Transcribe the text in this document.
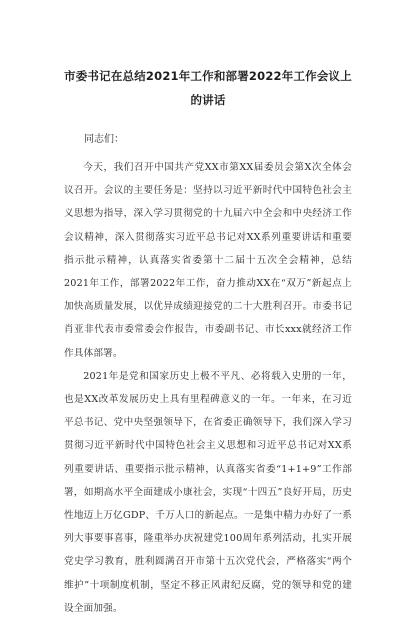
市委书记在总结2021年工作和部署2022年工作会议上的讲话

同志们：

今天，我们召开中国共产党XX市第XX届委员会第X次全体会议召开。会议的主要任务是：坚持以习近平新时代中国特色社会主义思想为指导，深入学习贯彻党的十九届六中全会和中央经济工作会议精神，深入贯彻落实习近平总书记对XX系列重要讲话和重要指示批示精神，认真落实省委第十二届十五次全会精神，总结2021年工作，部署2022年工作，奋力推动XX在“双万”新起点上加快高质量发展，以优异成绩迎接党的二十大胜利召开。市委书记肖亚非代表市委常委会作报告，市委副书记、市长xxx就经济工作作具体部署。

2021年是党和国家历史上极不平凡、必将载入史册的一年，也是XX改革发展历史上具有里程碑意义的一年。一年来，在习近平总书记、党中央坚强领导下，在省委正确领导下，我们深入学习贯彻习近平新时代中国特色社会主义思想和习近平总书记对XX系列重要讲话、重要指示批示精神，认真落实省委“1+1+9”工作部署，如期高水平全面建成小康社会，实现“十四五”良好开局，历史性地迈上万亿GDP、千万人口的新起点。一是集中精力办好了一系列大事要事喜事，隆重举办庆祝建党100周年系列活动，扎实开展党史学习教育，胜利圆满召开市第十五次党代会，严格落实“两个维护”十项制度机制，坚定不移正风肃纪反腐，党的领导和党的建设全面加强。
